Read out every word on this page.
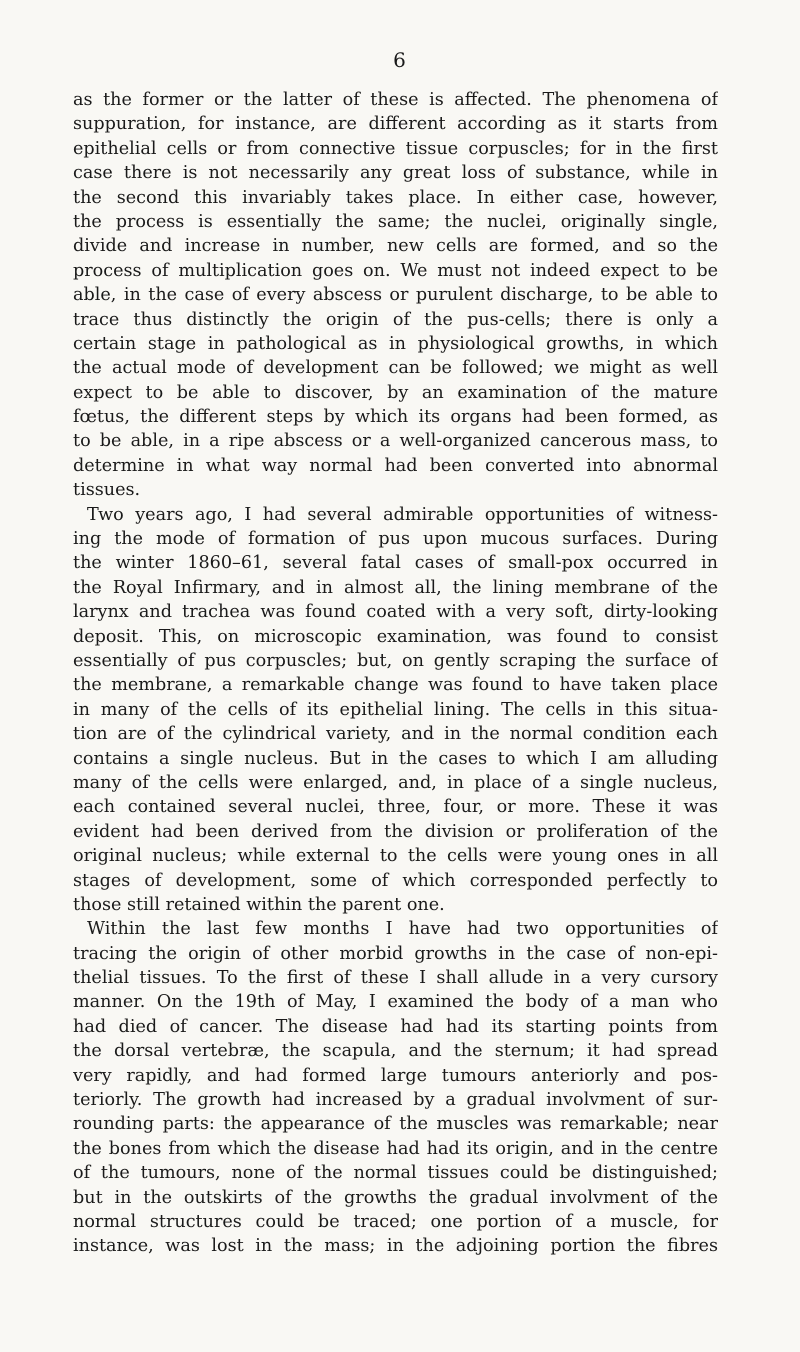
6
as the former or the latter of these is affected. The phenomena of
suppuration, for instance, are different according as it starts from
epithelial cells or from connective tissue corpuscles; for in the first
case there is not necessarily any great loss of substance, while in
the second this invariably takes place. In either case, however,
the process is essentially the same; the nuclei, originally single,
divide and increase in number, new cells are formed, and so the
process of multiplication goes on. We must not indeed expect to be
able, in the case of every abscess or purulent discharge, to be able to
trace thus distinctly the origin of the pus-cells; there is only a
certain stage in pathological as in physiological growths, in which
the actual mode of development can be followed; we might as well
expect to be able to discover, by an examination of the mature
fœtus, the different steps by which its organs had been formed, as
to be able, in a ripe abscess or a well-organized cancerous mass, to
determine in what way normal had been converted into abnormal
tissues.
Two years ago, I had several admirable opportunities of witness-
ing the mode of formation of pus upon mucous surfaces. During
the winter 1860–61, several fatal cases of small-pox occurred in
the Royal Infirmary, and in almost all, the lining membrane of the
larynx and trachea was found coated with a very soft, dirty-looking
deposit. This, on microscopic examination, was found to consist
essentially of pus corpuscles; but, on gently scraping the surface of
the membrane, a remarkable change was found to have taken place
in many of the cells of its epithelial lining. The cells in this situa-
tion are of the cylindrical variety, and in the normal condition each
contains a single nucleus. But in the cases to which I am alluding
many of the cells were enlarged, and, in place of a single nucleus,
each contained several nuclei, three, four, or more. These it was
evident had been derived from the division or proliferation of the
original nucleus; while external to the cells were young ones in all
stages of development, some of which corresponded perfectly to
those still retained within the parent one.
Within the last few months I have had two opportunities of
tracing the origin of other morbid growths in the case of non-epi-
thelial tissues. To the first of these I shall allude in a very cursory
manner. On the 19th of May, I examined the body of a man who
had died of cancer. The disease had had its starting points from
the dorsal vertebræ, the scapula, and the sternum; it had spread
very rapidly, and had formed large tumours anteriorly and pos-
teriorly. The growth had increased by a gradual involvment of sur-
rounding parts: the appearance of the muscles was remarkable; near
the bones from which the disease had had its origin, and in the centre
of the tumours, none of the normal tissues could be distinguished;
but in the outskirts of the growths the gradual involvment of the
normal structures could be traced; one portion of a muscle, for
instance, was lost in the mass; in the adjoining portion the fibres
